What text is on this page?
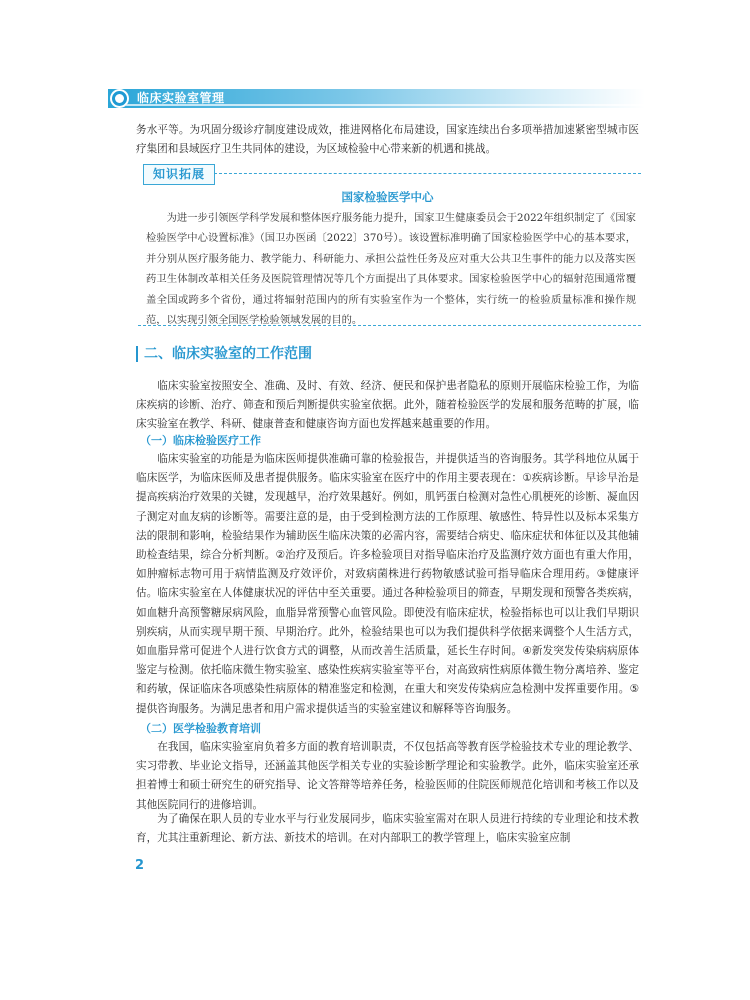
临床实验室管理

务水平等。为巩固分级诊疗制度建设成效，推进网格化布局建设，国家连续出台多项举措加速紧密型城市医疗集团和县域医疗卫生共同体的建设，为区域检验中心带来新的机遇和挑战。

知识拓展
国家检验医学中心

为进一步引领医学科学发展和整体医疗服务能力提升，国家卫生健康委员会于2022年组织制定了《国家检验医学中心设置标准》（国卫办医函〔2022〕370号）。该设置标准明确了国家检验医学中心的基本要求，并分别从医疗服务能力、教学能力、科研能力、承担公益性任务及应对重大公共卫生事件的能力以及落实医药卫生体制改革相关任务及医院管理情况等几个方面提出了具体要求。国家检验医学中心的辐射范围通常覆盖全国或跨多个省份，通过将辐射范围内的所有实验室作为一个整体，实行统一的检验质量标准和操作规范，以实现引领全国医学检验领域发展的目的。

二、临床实验室的工作范围

临床实验室按照安全、准确、及时、有效、经济、便民和保护患者隐私的原则开展临床检验工作，为临床疾病的诊断、治疗、筛查和预后判断提供实验室依据。此外，随着检验医学的发展和服务范畴的扩展，临床实验室在教学、科研、健康普查和健康咨询方面也发挥越来越重要的作用。

（一）临床检验医疗工作

临床实验室的功能是为临床医师提供准确可靠的检验报告，并提供适当的咨询服务。其学科地位从属于临床医学，为临床医师及患者提供服务。临床实验室在医疗中的作用主要表现在：①疾病诊断。早诊早治是提高疾病治疗效果的关键，发现越早，治疗效果越好。例如，肌钙蛋白检测对急性心肌梗死的诊断、凝血因子测定对血友病的诊断等。需要注意的是，由于受到检测方法的工作原理、敏感性、特异性以及标本采集方法的限制和影响，检验结果作为辅助医生临床决策的必需内容，需要结合病史、临床症状和体征以及其他辅助检查结果，综合分析判断。②治疗及预后。许多检验项目对指导临床治疗及监测疗效方面也有重大作用，如肿瘤标志物可用于病情监测及疗效评价，对致病菌株进行药物敏感试验可指导临床合理用药。③健康评估。临床实验室在人体健康状况的评估中至关重要。通过各种检验项目的筛查，早期发现和预警各类疾病，如血糖升高预警糖尿病风险，血脂异常预警心血管风险。即使没有临床症状，检验指标也可以让我们早期识别疾病，从而实现早期干预、早期治疗。此外，检验结果也可以为我们提供科学依据来调整个人生活方式，如血脂异常可促进个人进行饮食方式的调整，从而改善生活质量，延长生存时间。④新发突发传染病病原体鉴定与检测。依托临床微生物实验室、感染性疾病实验室等平台，对高致病性病原体微生物分离培养、鉴定和药敏，保证临床各项感染性病原体的精准鉴定和检测，在重大和突发传染病应急检测中发挥重要作用。⑤提供咨询服务。为满足患者和用户需求提供适当的实验室建议和解释等咨询服务。

（二）医学检验教育培训

在我国，临床实验室肩负着多方面的教育培训职责，不仅包括高等教育医学检验技术专业的理论教学、实习带教、毕业论文指导，还涵盖其他医学相关专业的实验诊断学理论和实验教学。此外，临床实验室还承担着博士和硕士研究生的研究指导、论文答辩等培养任务，检验医师的住院医师规范化培训和考核工作以及其他医院同行的进修培训。

为了确保在职人员的专业水平与行业发展同步，临床实验室需对在职人员进行持续的专业理论和技术教育，尤其注重新理论、新方法、新技术的培训。在对内部职工的教学管理上，临床实验室应制

2
